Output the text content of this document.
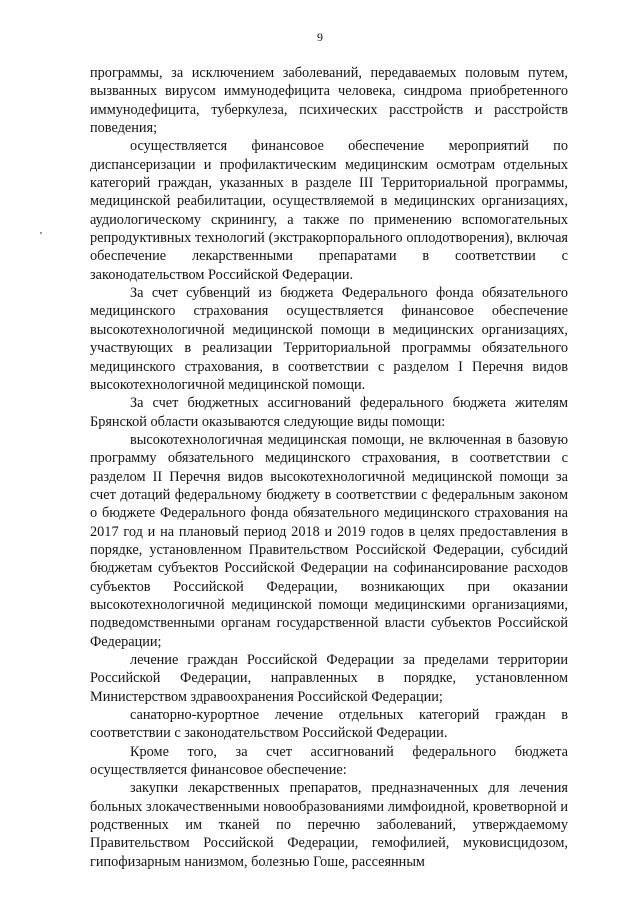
9

программы, за исключением заболеваний, передаваемых половым путем, вызванных вирусом иммунодефицита человека, синдрома приобретенного иммунодефицита, туберкулеза, психических расстройств и расстройств поведения;

осуществляется финансовое обеспечение мероприятий по диспансеризации и профилактическим медицинским осмотрам отдельных категорий граждан, указанных в разделе III Территориальной программы, медицинской реабилитации, осуществляемой в медицинских организациях, аудиологическому скринингу, а также по применению вспомогательных репродуктивных технологий (экстракорпорального оплодотворения), включая обеспечение лекарственными препаратами в соответствии с законодательством Российской Федерации.

За счет субвенций из бюджета Федерального фонда обязательного медицинского страхования осуществляется финансовое обеспечение высокотехнологичной медицинской помощи в медицинских организациях, участвующих в реализации Территориальной программы обязательного медицинского страхования, в соответствии с разделом I Перечня видов высокотехнологичной медицинской помощи.

За счет бюджетных ассигнований федерального бюджета жителям Брянской области оказываются следующие виды помощи:

высокотехнологичная медицинская помощи, не включенная в базовую программу обязательного медицинского страхования, в соответствии с разделом II Перечня видов высокотехнологичной медицинской помощи за счет дотаций федеральному бюджету в соответствии с федеральным законом о бюджете Федерального фонда обязательного медицинского страхования на 2017 год и на плановый период 2018 и 2019 годов в целях предоставления в порядке, установленном Правительством Российской Федерации, субсидий бюджетам субъектов Российской Федерации на софинансирование расходов субъектов Российской Федерации, возникающих при оказании высокотехнологичной медицинской помощи медицинскими организациями, подведомственными органам государственной власти субъектов Российской Федерации;

лечение граждан Российской Федерации за пределами территории Российской Федерации, направленных в порядке, установленном Министерством здравоохранения Российской Федерации;

санаторно-курортное лечение отдельных категорий граждан в соответствии с законодательством Российской Федерации.

Кроме того, за счет ассигнований федерального бюджета осуществляется финансовое обеспечение:

закупки лекарственных препаратов, предназначенных для лечения больных злокачественными новообразованиями лимфоидной, кроветворной и родственных им тканей по перечню заболеваний, утверждаемому Правительством Российской Федерации, гемофилией, муковисцидозом, гипофизарным нанизмом, болезнью Гоше, рассеянным
